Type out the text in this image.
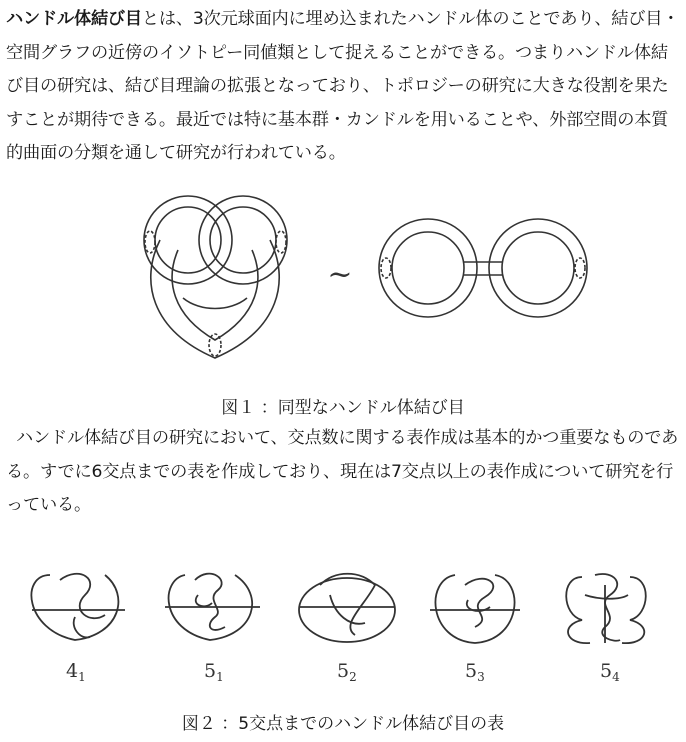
ハンドル体結び目とは、3次元球面内に埋め込まれたハンドル体のことであり、結び目・空間グラフの近傍のイソトピー同値類として捉えることができる。つまりハンドル体結び目の研究は、結び目理論の拡張となっており、トポロジーの研究に大きな役割を果たすことが期待できる。最近では特に基本群・カンドルを用いることや、外部空間の本質的曲面の分類を通して研究が行われている。

~
図１ ：同型なハンドル体結び目

ハンドル体結び目の研究において、交点数に関する表作成は基本的かつ重要なものである。すでに6交点までの表を作成しており、現在は7交点以上の表作成について研究を行っている。

$4_1$	$5_1$	$5_2$	$5_3$	$5_4$
図２ ：5交点までのハンドル体結び目の表
